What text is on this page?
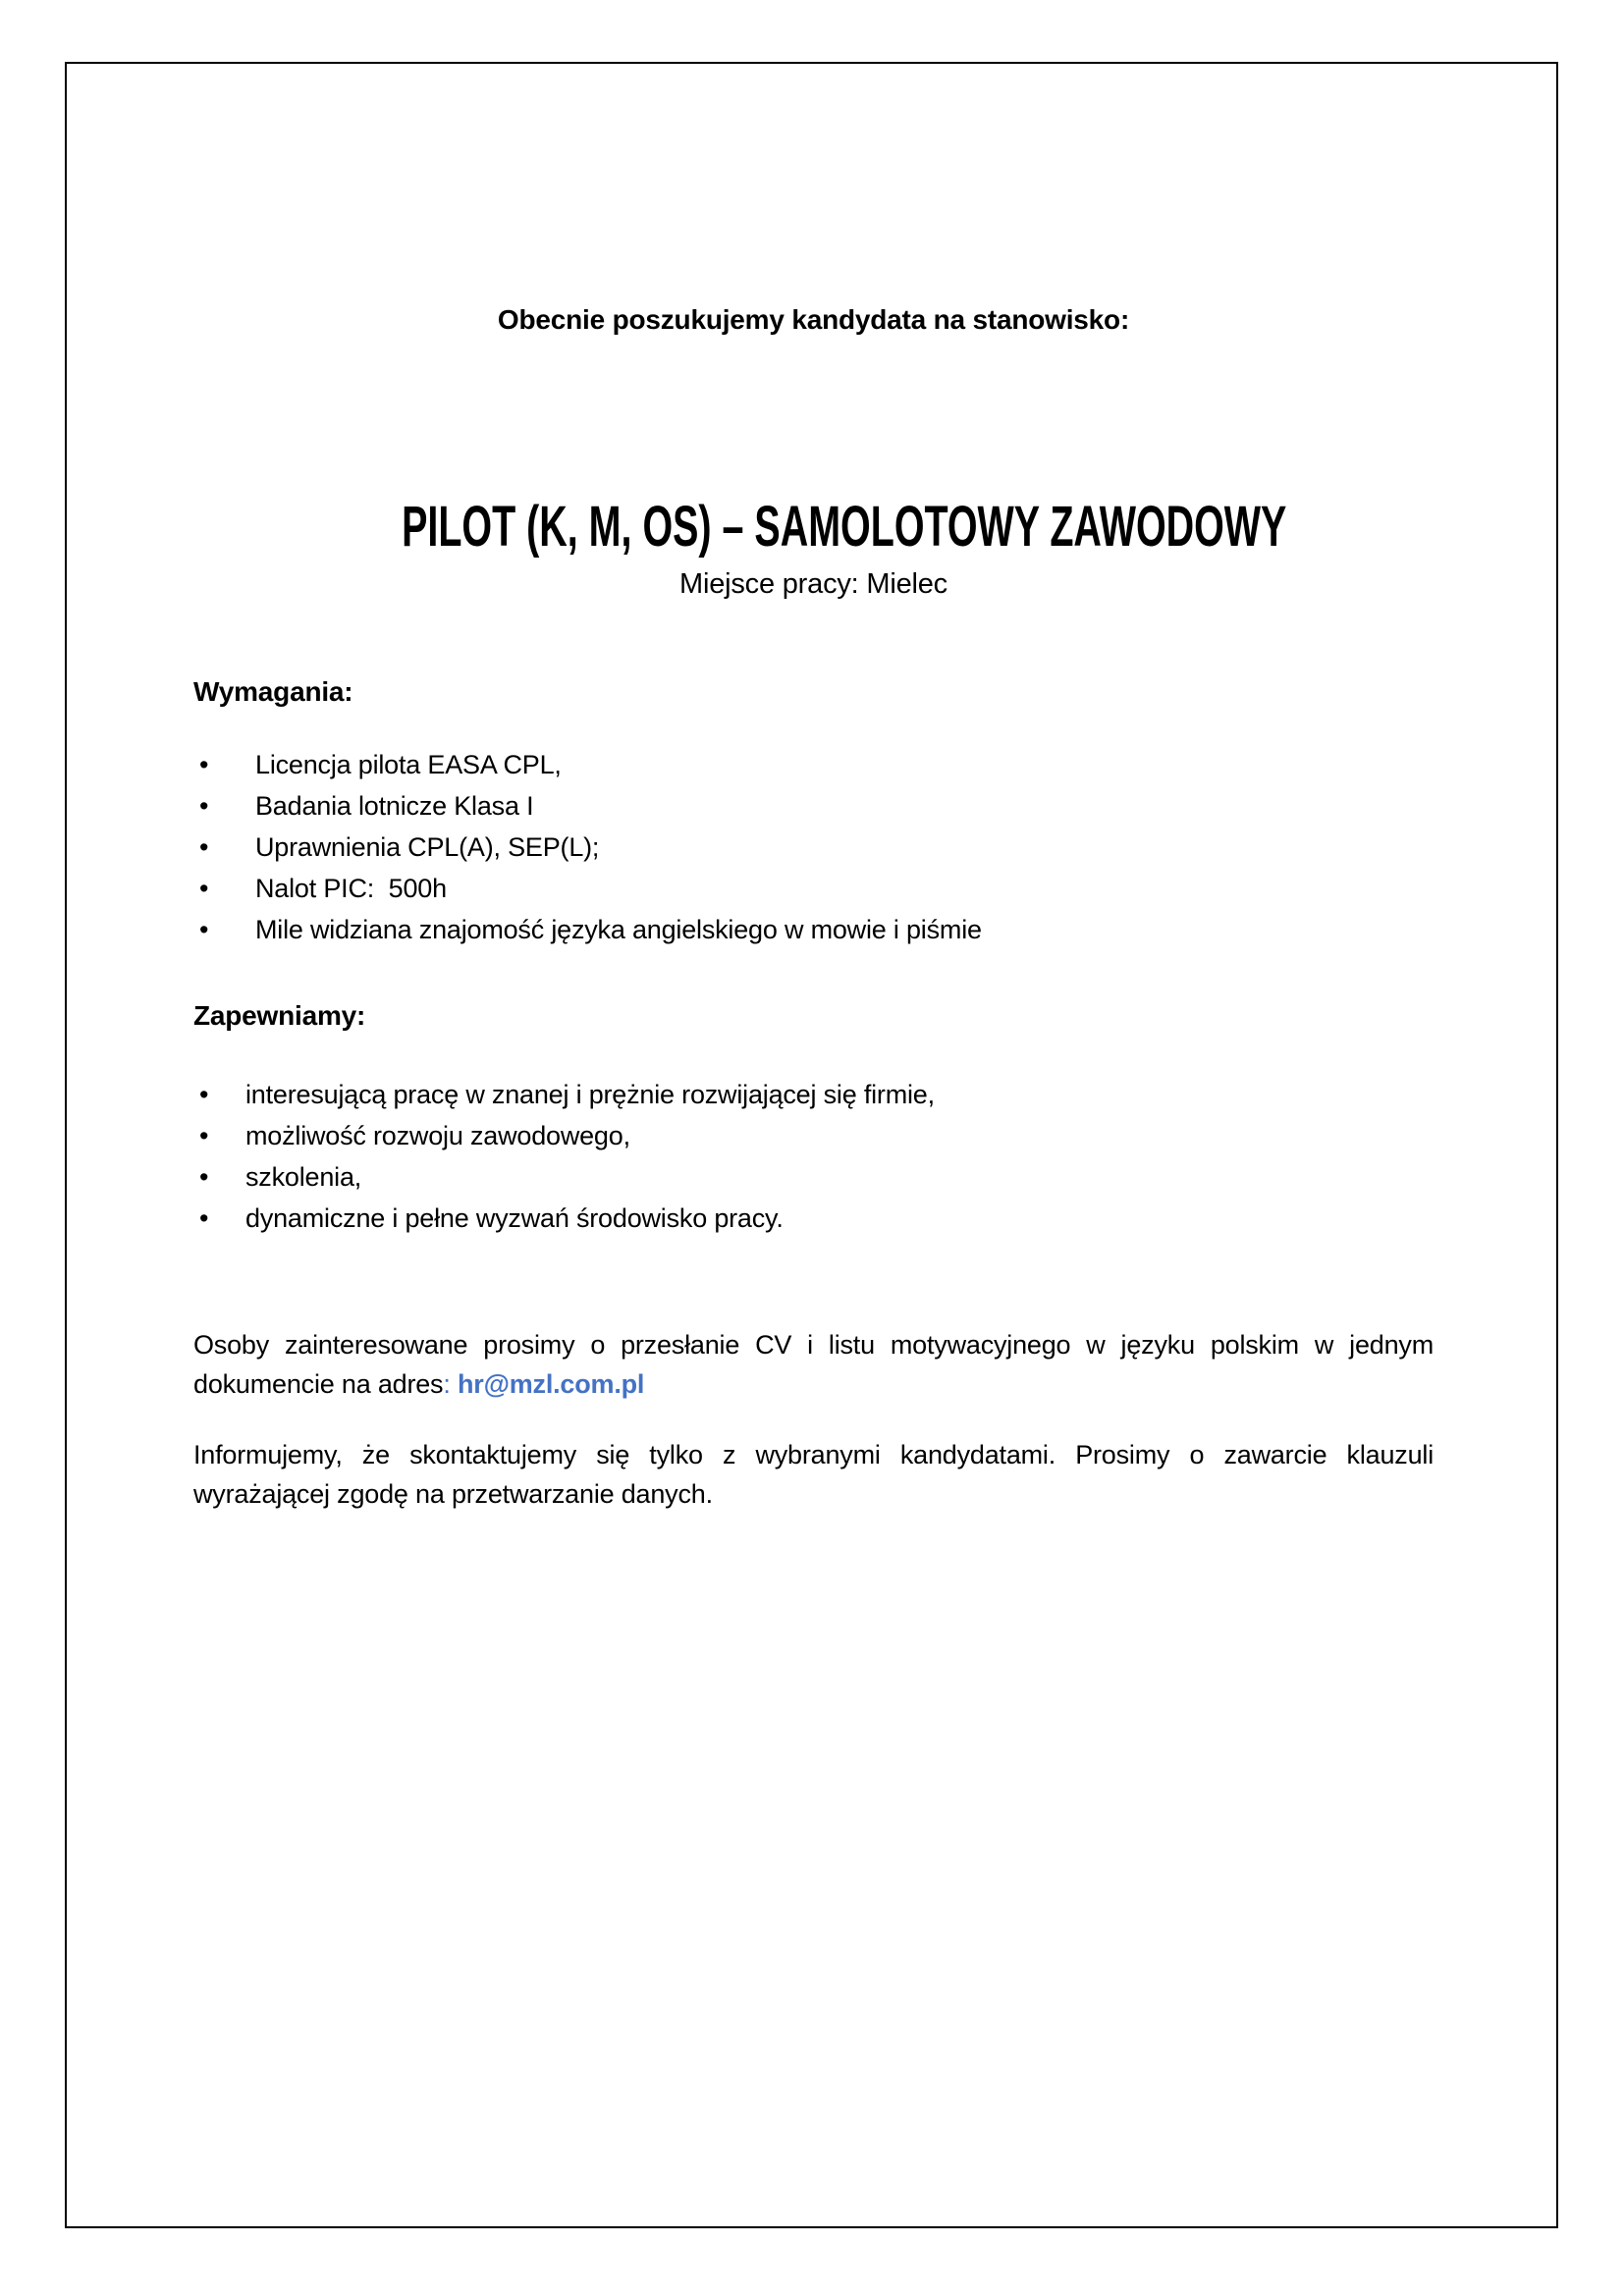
Obecnie poszukujemy kandydata na stanowisko:
PILOT (K, M, OS) – SAMOLOTOWY ZAWODOWY
Miejsce pracy: Mielec
Wymagania:
•	Licencja pilota EASA CPL,
•	Badania lotnicze Klasa I
•	Uprawnienia CPL(A), SEP(L);
•	Nalot PIC:  500h
•	Mile widziana znajomość języka angielskiego w mowie i piśmie
Zapewniamy:
•	interesującą pracę w znanej i prężnie rozwijającej się firmie,
•	możliwość rozwoju zawodowego,
•	szkolenia,
•	dynamiczne i pełne wyzwań środowisko pracy.

Osoby zainteresowane prosimy o przesłanie CV i listu motywacyjnego w języku polskim w jednym dokumencie na adres: hr@mzl.com.pl

Informujemy, że skontaktujemy się tylko z wybranymi kandydatami. Prosimy o zawarcie klauzuli wyrażającej zgodę na przetwarzanie danych.
